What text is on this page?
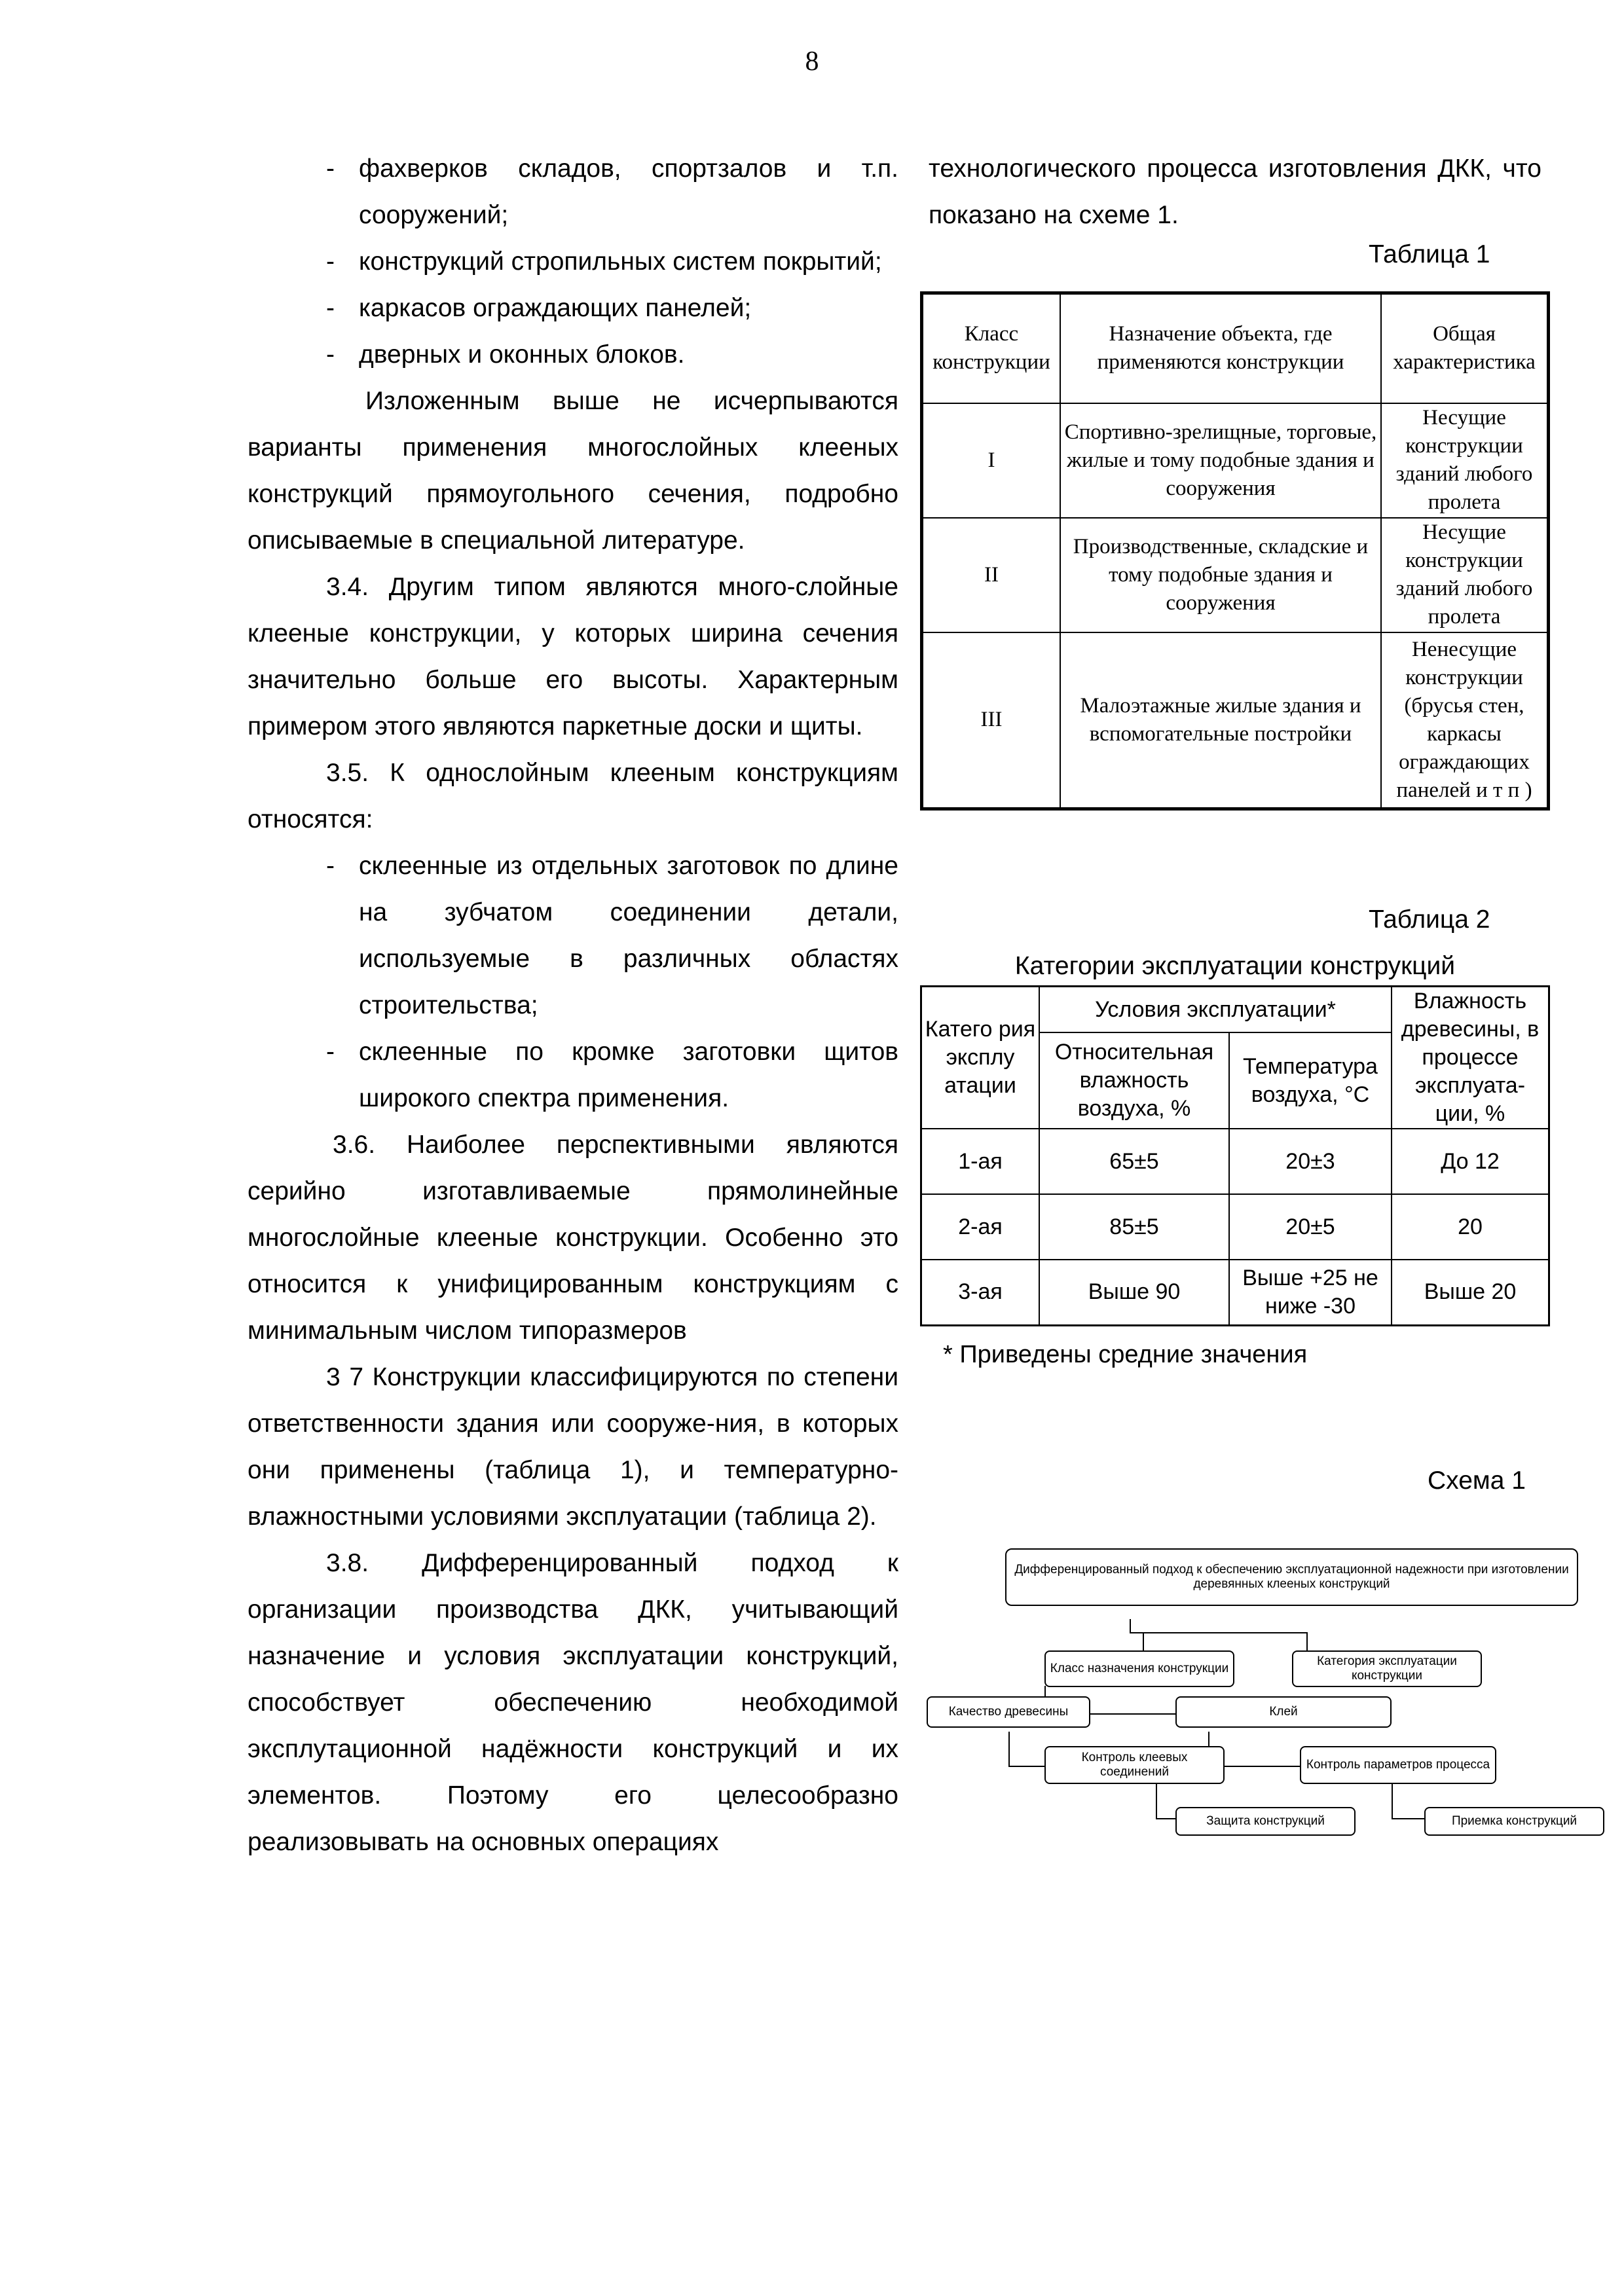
8
- фахверков складов, спортзалов и т.п. сооружений;
- конструкций стропильных систем покрытий;
- каркасов ограждающих панелей;
- дверных и оконных блоков.

Изложенным выше не исчерпываются варианты применения многослойных клееных конструкций прямоугольного сечения, подробно описываемые в специальной литературе.

3.4. Другим типом являются много-слойные клееные конструкции, у которых ширина сечения значительно больше его высоты. Характерным примером этого являются паркетные доски и щиты.

3.5. К однослойным клееным конструкциям относятся:

- склеенные из отдельных заготовок по длине на зубчатом соединении детали, используемые в различных областях строительства;
- склеенные по кромке заготовки щитов широкого спектра применения.

3.6. Наиболее перспективными являются серийно изготавливаемые прямолинейные многослойные клееные конструкции. Особенно это относится к унифицированным конструкциям с минимальным числом типоразмеров

3 7 Конструкции классифицируются по степени ответственности здания или сооруже-ния, в которых они применены (таблица 1), и температурно-влажностными условиями эксплуатации (таблица 2).

3.8. Дифференцированный подход к организации производства ДКК, учитывающий назначение и условия эксплуатации конструкций, способствует обеспечению необходимой эксплутационной надёжности конструкций и их элементов. Поэтому его целесообразно реализовывать на основных операциях

технологического процесса изготовления ДКК, что показано на схеме 1.

Таблица 1
Класс конструкции	Назначение объекта, где применяются конструкции	Общая характеристика
I	Спортивно-зрелищные, торговые, жилые и тому подобные здания и сооружения	Несущие конструкции зданий любого пролета
II	Производственные, складские и тому подобные здания и сооружения	Несущие конструкции зданий любого пролета
III	Малоэтажные жилые здания и вспомогательные постройки	Ненесущие конструкции (брусья стен, каркасы ограждающих панелей и т п )
Таблица 2
Категории эксплуатации конструкций
Катего рия эксплу атации	Условия эксплуатации*		Влажность древесины, в процессе эксплуата-ции, %
	Относительная влажность воздуха, %	Температура воздуха, °С	
1-ая	65±5	20±3	До 12
2-ая	85±5	20±5	20
3-ая	Выше 90	Выше +25 не ниже -30	Выше 20
* Приведены средние значения
Схема 1
Дифференцированный подход к обеспечению эксплуатационной надежности при изготовлении деревянных клееных конструкций
Класс назначения конструкции
Категория эксплуатации конструкции
Качество древесины	Клей
Контроль клеевых соединений
Контроль параметров процесса
Защита конструкций	Приемка конструкций
